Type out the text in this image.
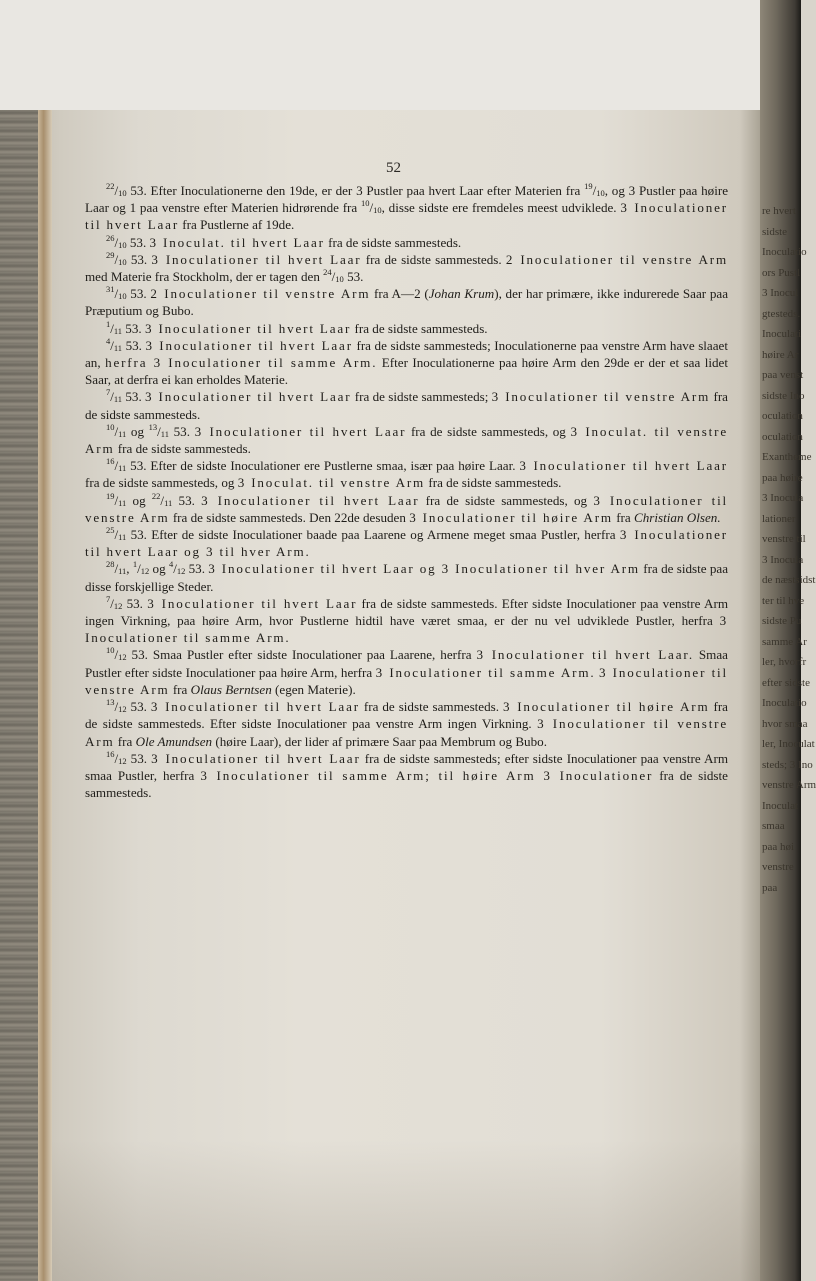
re hvert
sidste
Inoculatio
ors Pustl
3 Inocul
gtesteds.
Inoculati
høire Ar
paa venst
sidste Ino
oculation
oculation
Exantheme
paa høire
3 Inocula
lationer
venstre til
3 Inocula
de næstsidst
ter til hve
sidste Pu
samme Ar
ler, hvorfr
efter sidste
Inoculatio
hvor smaa
ler, Inoculat
steds; 3 Ino
venstre Arm
Inoculat
smaa
paa høi
venstre
paa
52

$^{22}/_{10}$ 53. Efter Inoculationerne den 19de, er der 3 Pustler paa hvert Laar efter Materien fra $^{19}/_{10}$, og 3 Pustler paa høire Laar og 1 paa venstre efter Materien hidrørende fra $^{10}/_{10}$, disse sidste ere fremdeles meest udviklede. 3 Inoculationer til hvert Laar fra Pustlerne af 19de.

$^{26}/_{10}$ 53. 3 Inoculat. til hvert Laar fra de sidste sammesteds.

$^{29}/_{10}$ 53. 3 Inoculationer til hvert Laar fra de sidste sammesteds. 2 Inoculationer til venstre Arm med Materie fra Stockholm, der er tagen den $^{24}/_{10}$ 53.

$^{31}/_{10}$ 53. 2 Inoculationer til venstre Arm fra A—2 (Johan Krum), der har primære, ikke indurerede Saar paa Præputium og Bubo.

$^1/_{11}$ 53. 3 Inoculationer til hvert Laar fra de sidste sammesteds.

$^4/_{11}$ 53. 3 Inoculationer til hvert Laar fra de sidste sammesteds; Inoculationerne paa venstre Arm have slaaet an, herfra 3 Inoculationer til samme Arm. Efter Inoculationerne paa høire Arm den 29de er der et saa lidet Saar, at derfra ei kan erholdes Materie.

$^7/_{11}$ 53. 3 Inoculationer til hvert Laar fra de sidste sammesteds; 3 Inoculationer til venstre Arm fra de sidste sammesteds.

$^{10}/_{11}$ og $^{13}/_{11}$ 53. 3 Inoculationer til hvert Laar fra de sidste sammesteds, og 3 Inoculat. til venstre Arm fra de sidste sammesteds.

$^{16}/_{11}$ 53. Efter de sidste Inoculationer ere Pustlerne smaa, især paa høire Laar. 3 Inoculationer til hvert Laar fra de sidste sammesteds, og 3 Inoculat. til venstre Arm fra de sidste sammesteds.

$^{19}/_{11}$ og $^{22}/_{11}$ 53. 3 Inoculationer til hvert Laar fra de sidste sammesteds, og 3 Inoculationer til venstre Arm fra de sidste sammesteds. Den 22de desuden 3 Inoculationer til høire Arm fra Christian Olsen.

$^{25}/_{11}$ 53. Efter de sidste Inoculationer baade paa Laarene og Armene meget smaa Pustler, herfra 3 Inoculationer til hvert Laar og 3 til hver Arm.

$^{28}/_{11}$, $^1/_{12}$ og $^4/_{12}$ 53. 3 Inoculationer til hvert Laar og 3 Inoculationer til hver Arm fra de sidste paa disse forskjellige Steder.

$^7/_{12}$ 53. 3 Inoculationer til hvert Laar fra de sidste sammesteds. Efter sidste Inoculationer paa venstre Arm ingen Virkning, paa høire Arm, hvor Pustlerne hidtil have været smaa, er der nu vel udviklede Pustler, herfra 3 Inoculationer til samme Arm.

$^{10}/_{12}$ 53. Smaa Pustler efter sidste Inoculationer paa Laarene, herfra 3 Inoculationer til hvert Laar. Smaa Pustler efter sidste Inoculationer paa høire Arm, herfra 3 Inoculationer til samme Arm. 3 Inoculationer til venstre Arm fra Olaus Berntsen (egen Materie).

$^{13}/_{12}$ 53. 3 Inoculationer til hvert Laar fra de sidste sammesteds. 3 Inoculationer til høire Arm fra de sidste sammesteds. Efter sidste Inoculationer paa venstre Arm ingen Virkning. 3 Inoculationer til venstre Arm fra Ole Amundsen (høire Laar), der lider af primære Saar paa Membrum og Bubo.

$^{16}/_{12}$ 53. 3 Inoculationer til hvert Laar fra de sidste sammesteds; efter sidste Inoculationer paa venstre Arm smaa Pustler, herfra 3 Inoculationer til samme Arm; til høire Arm 3 Inoculationer fra de sidste sammesteds.
